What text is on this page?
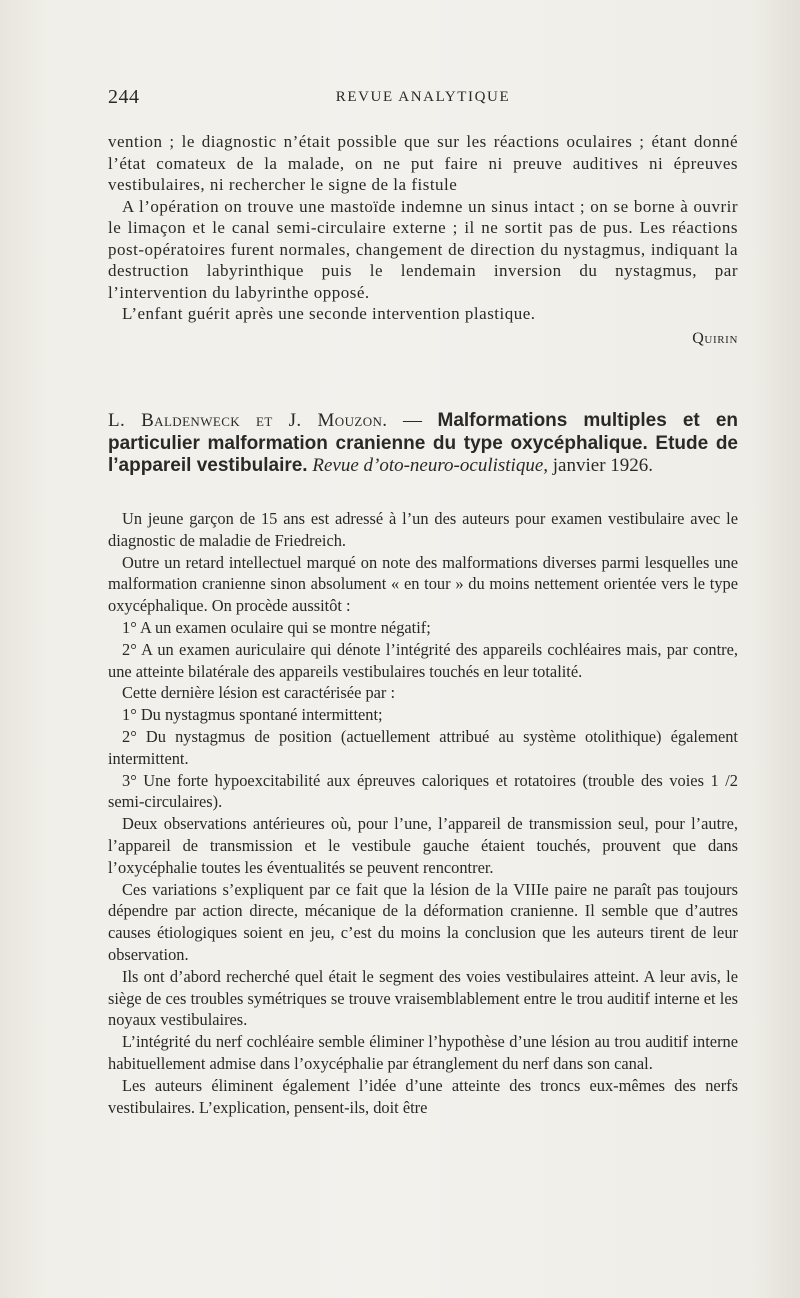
244	REVUE ANALYTIQUE

vention ; le diagnostic n’était possible que sur les réactions oculaires ; étant donné l’état comateux de la malade, on ne put faire ni preuve auditives ni épreuves vestibulaires, ni rechercher le signe de la fistule

A l’opération on trouve une mastoïde indemne un sinus intact ; on se borne à ouvrir le limaçon et le canal semi-circulaire externe ; il ne sortit pas de pus. Les réactions post-opératoires furent normales, changement de direction du nystagmus, indiquant la destruction labyrinthique puis le lendemain inversion du nystagmus, par l’intervention du labyrinthe opposé.

L’enfant guérit après une seconde intervention plastique.

Quirin

L. Baldenweck et J. Mouzon. — Malformations multiples et en particulier malformation cranienne du type oxycéphalique. Etude de l’appareil vestibulaire. Revue d’oto-neuro-oculistique, janvier 1926.

Un jeune garçon de 15 ans est adressé à l’un des auteurs pour examen vestibulaire avec le diagnostic de maladie de Friedreich.

Outre un retard intellectuel marqué on note des malformations diverses parmi lesquelles une malformation cranienne sinon absolument « en tour » du moins nettement orientée vers le type oxycéphalique. On procède aussitôt :

1° A un examen oculaire qui se montre négatif;

2° A un examen auriculaire qui dénote l’intégrité des appareils cochléaires mais, par contre, une atteinte bilatérale des appareils vestibulaires touchés en leur totalité.

Cette dernière lésion est caractérisée par :

1° Du nystagmus spontané intermittent;

2° Du nystagmus de position (actuellement attribué au système otolithique) également intermittent.

3° Une forte hypoexcitabilité aux épreuves caloriques et rotatoires (trouble des voies 1 /2 semi-circulaires).

Deux observations antérieures où, pour l’une, l’appareil de transmission seul, pour l’autre, l’appareil de transmission et le vestibule gauche étaient touchés, prouvent que dans l’oxycéphalie toutes les éventualités se peuvent rencontrer.

Ces variations s’expliquent par ce fait que la lésion de la VIIIe paire ne paraît pas toujours dépendre par action directe, mécanique de la déformation cranienne. Il semble que d’autres causes étiologiques soient en jeu, c’est du moins la conclusion que les auteurs tirent de leur observation.

Ils ont d’abord recherché quel était le segment des voies vestibulaires atteint. A leur avis, le siège de ces troubles symétriques se trouve vraisemblablement entre le trou auditif interne et les noyaux vestibulaires.

L’intégrité du nerf cochléaire semble éliminer l’hypothèse d’une lésion au trou auditif interne habituellement admise dans l’oxycéphalie par étranglement du nerf dans son canal.

Les auteurs éliminent également l’idée d’une atteinte des troncs eux-mêmes des nerfs vestibulaires. L’explication, pensent-ils, doit être
